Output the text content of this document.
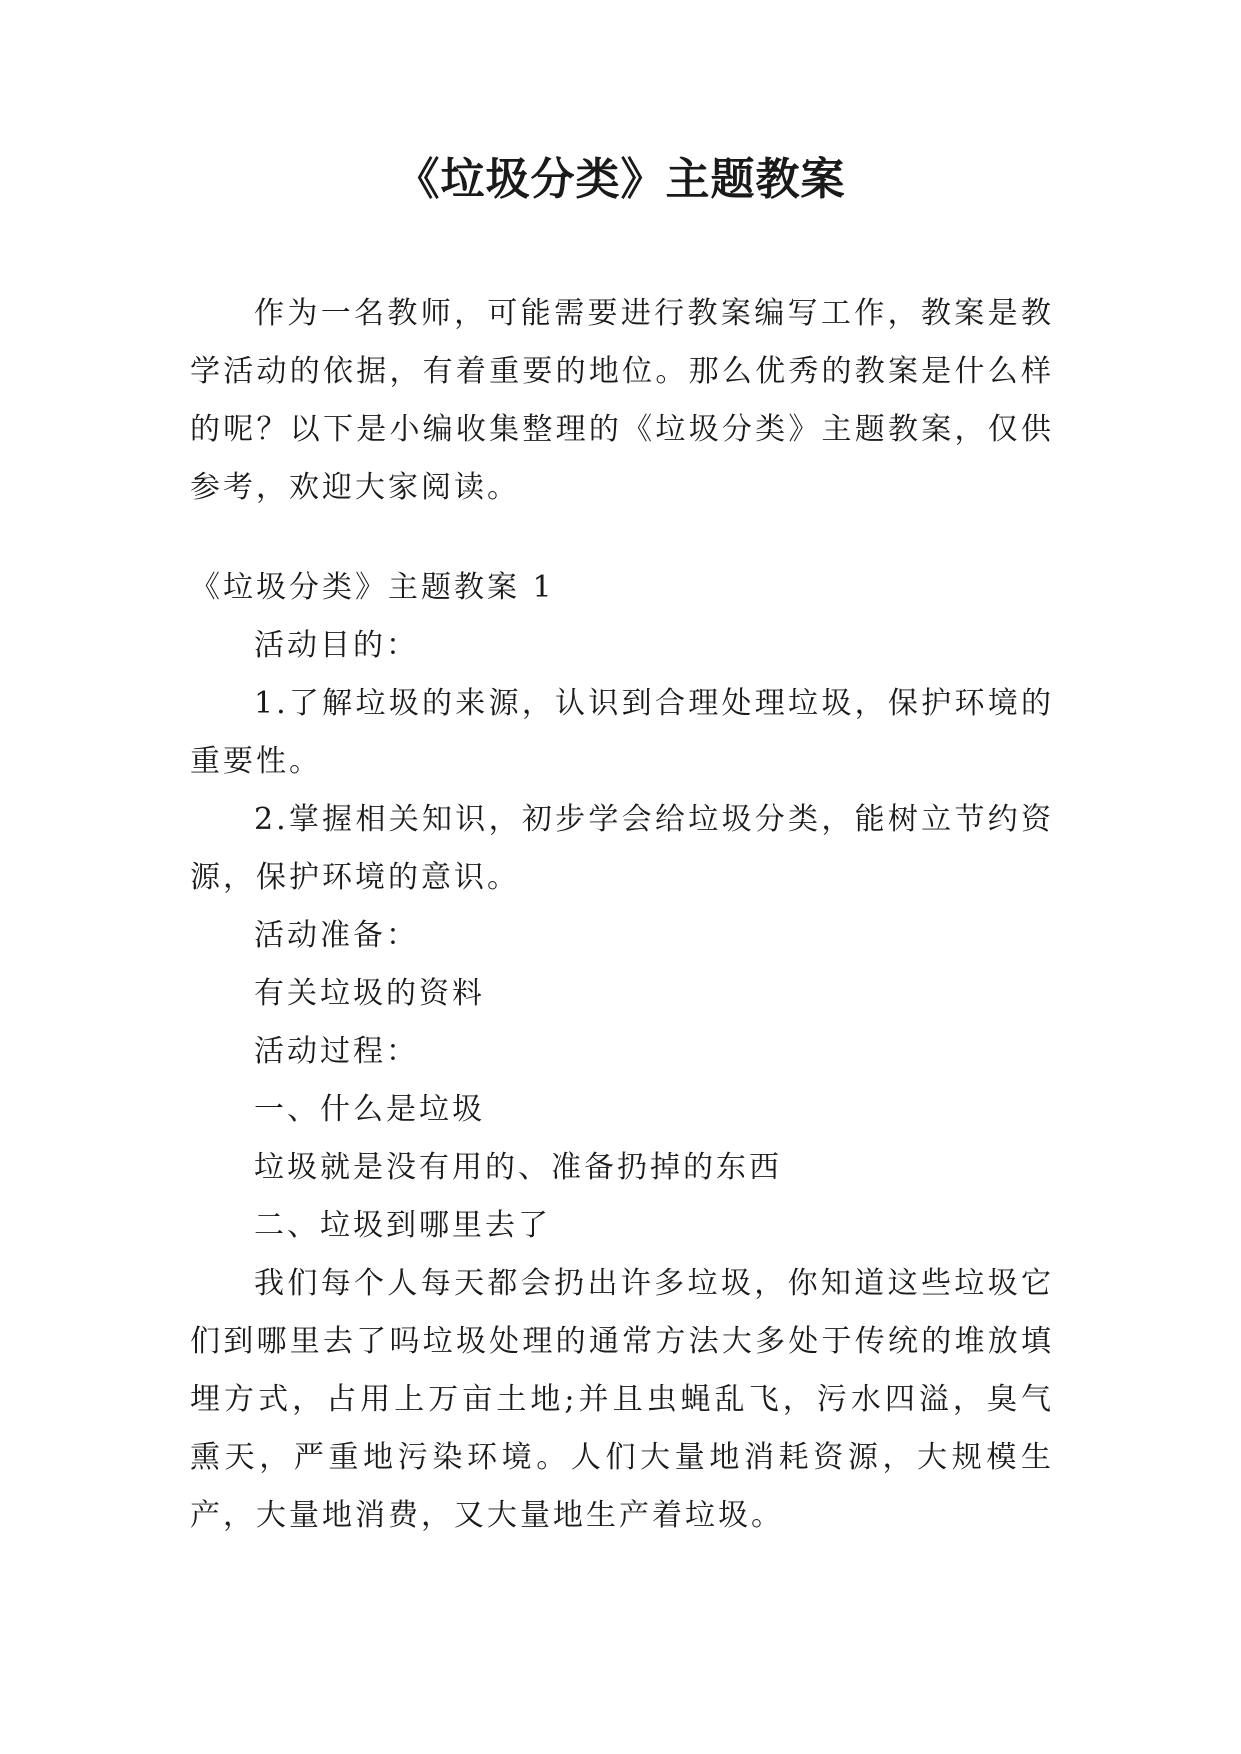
《垃圾分类》主题教案

作为一名教师，可能需要进行教案编写工作，教案是教学活动的依据，有着重要的地位。那么优秀的教案是什么样的呢？以下是小编收集整理的《垃圾分类》主题教案，仅供参考，欢迎大家阅读。

《垃圾分类》主题教案 1

活动目的：

1.了解垃圾的来源，认识到合理处理垃圾，保护环境的重要性。

2.掌握相关知识，初步学会给垃圾分类，能树立节约资源，保护环境的意识。

活动准备：

有关垃圾的资料

活动过程：

一、什么是垃圾

垃圾就是没有用的、准备扔掉的东西

二、垃圾到哪里去了

我们每个人每天都会扔出许多垃圾，你知道这些垃圾它们到哪里去了吗垃圾处理的通常方法大多处于传统的堆放填埋方式，占用上万亩土地;并且虫蝇乱飞，污水四溢，臭气熏天，严重地污染环境。人们大量地消耗资源，大规模生产，大量地消费，又大量地生产着垃圾。
